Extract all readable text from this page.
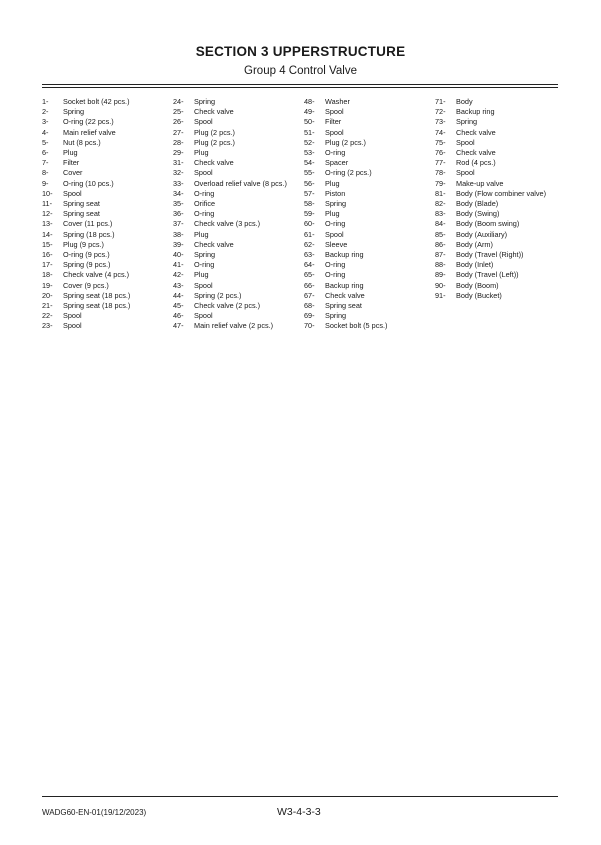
SECTION 3 UPPERSTRUCTURE
Group 4 Control Valve
1-	Socket bolt (42 pcs.)
2-	Spring
3-	O-ring (22 pcs.)
4-	Main relief valve
5-	Nut (8 pcs.)
6-	Plug
7-	Filter
8-	Cover
9-	O-ring (10 pcs.)
10-	Spool
11-	Spring seat
12-	Spring seat
13-	Cover (11 pcs.)
14-	Spring (18 pcs.)
15-	Plug (9 pcs.)
16-	O-ring (9 pcs.)
17-	Spring (9 pcs.)
18-	Check valve (4 pcs.)
19-	Cover (9 pcs.)
20-	Spring seat (18 pcs.)
21-	Spring seat (18 pcs.)
22-	Spool
23-	Spool
24-	Spring
25-	Check valve
26-	Spool
27-	Plug (2 pcs.)
28-	Plug (2 pcs.)
29-	Plug
31-	Check valve
32-	Spool
33-	Overload relief valve (8 pcs.)
34-	O-ring
35-	Orifice
36-	O-ring
37-	Check valve (3 pcs.)
38-	Plug
39-	Check valve
40-	Spring
41-	O-ring
42-	Plug
43-	Spool
44-	Spring (2 pcs.)
45-	Check valve (2 pcs.)
46-	Spool
47-	Main relief valve (2 pcs.)
48-	Washer
49-	Spool
50-	Filter
51-	Spool
52-	Plug (2 pcs.)
53-	O-ring
54-	Spacer
55-	O-ring (2 pcs.)
56-	Plug
57-	Piston
58-	Spring
59-	Plug
60-	O-ring
61-	Spool
62-	Sleeve
63-	Backup ring
64-	O-ring
65-	O-ring
66-	Backup ring
67-	Check valve
68-	Spring seat
69-	Spring
70-	Socket bolt (5 pcs.)
71-	Body
72-	Backup ring
73-	Spring
74-	Check valve
75-	Spool
76-	Check valve
77-	Rod (4 pcs.)
78-	Spool
79-	Make-up valve
81-	Body (Flow combiner valve)
82-	Body (Blade)
83-	Body (Swing)
84-	Body (Boom swing)
85-	Body (Auxiliary)
86-	Body (Arm)
87-	Body (Travel (Right))
88-	Body (Inlet)
89-	Body (Travel (Left))
90-	Body (Boom)
91-	Body (Bucket)
WADG60-EN-01(19/12/2023)	W3-4-3-3
